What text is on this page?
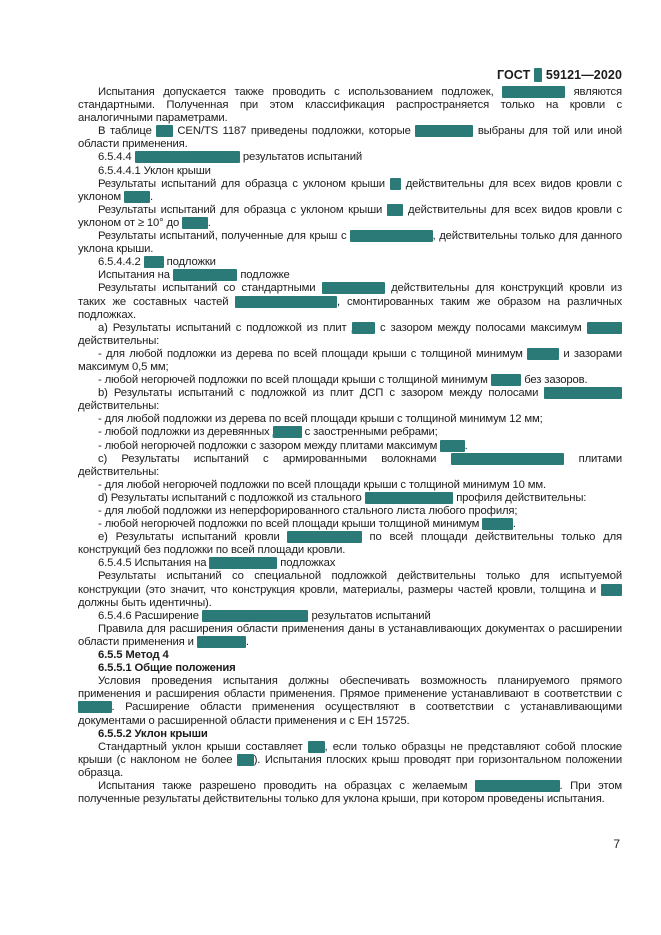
ГОСТ Р 59121—2020

Испытания допускается также проводить с использованием подложек, которые не являются стандартными. Полученная при этом классификация распространяется только на кровли с аналогичными параметрами.

В таблице В.3 CEN/TS 1187 приведены подложки, которые могут быть выбраны для той или иной области применения.

6.5.4.4 Прямое применение результатов испытаний

6.5.4.4.1 Уклон крыши

Результаты испытаний для образца с уклоном крыши 5° действительны для всех видов кровли с уклоном < 10°.

Результаты испытаний для образца с уклоном крыши 30° действительны для всех видов кровли с уклоном от ≥ 10° до ≤ 70°.

Результаты испытаний, полученные для крыш с другим уклоном, действительны только для данного уклона крыши.

6.5.4.4.2 Вид подложки

Испытания на стандартной подложке

Результаты испытаний со стандартными подложками действительны для конструкций кровли из таких же составных частей (включая толщину), смонтированных таким же образом на различных подложках.

a) Результаты испытаний с подложкой из плит ДСП с зазором между полосами максимум 0,5 мм действительны:

- для любой подложки из дерева по всей площади крыши с толщиной минимум 12 мм и зазорами максимум 0,5 мм;

- любой негорючей подложки по всей площади крыши с толщиной минимум 10 мм без зазоров.

b) Результаты испытаний с подложкой из плит ДСП с зазором между полосами (5,0 ± 0,5) мм действительны:

- для любой подложки из дерева по всей площади крыши с толщиной минимум 12 мм;

- любой подложки из деревянных досок с заостренными ребрами;

- любой негорючей подложки с зазором между плитами максимум 5 мм.

c) Результаты испытаний с армированными волокнами кальций-силикатными плитами действительны:

- для любой негорючей подложки по всей площади крыши с толщиной минимум 10 мм.

d) Результаты испытаний с подложкой из стального трапециевидного профиля действительны:

- для любой подложки из неперфорированного стального листа любого профиля;

- любой негорючей подложки по всей площади крыши толщиной минимум 10 мм.

e) Результаты испытаний кровли без подложки по всей площади действительны только для конструкций без подложки по всей площади кровли.

6.5.4.5 Испытания на специальных подложках

Результаты испытаний со специальной подложкой действительны только для испытуемой конструкции (это значит, что конструкция кровли, материалы, размеры частей кровли, толщина и т. д. должны быть идентичны).

6.5.4.6 Расширение области применения результатов испытаний

Правила для расширения области применения даны в устанавливающих документах о расширении области применения и ЕН 15725.

6.5.5 Метод 4

6.5.5.1 Общие положения

Условия проведения испытания должны обеспечивать возможность планируемого прямого применения и расширения области применения. Прямое применение устанавливают в соответствии с 6.5.5.5. Расширение области применения осуществляют в соответствии с устанавливающими документами о расширенной области применения и с ЕН 15725.

6.5.5.2 Уклон крыши

Стандартный уклон крыши составляет 45°, если только образцы не представляют собой плоские крыши (с наклоном не более 10°). Испытания плоских крыш проводят при горизонтальном положении образца.

Испытания также разрешено проводить на образцах с желаемым уклоном крыши. При этом полученные результаты действительны только для уклона крыши, при котором проведены испытания.

7
